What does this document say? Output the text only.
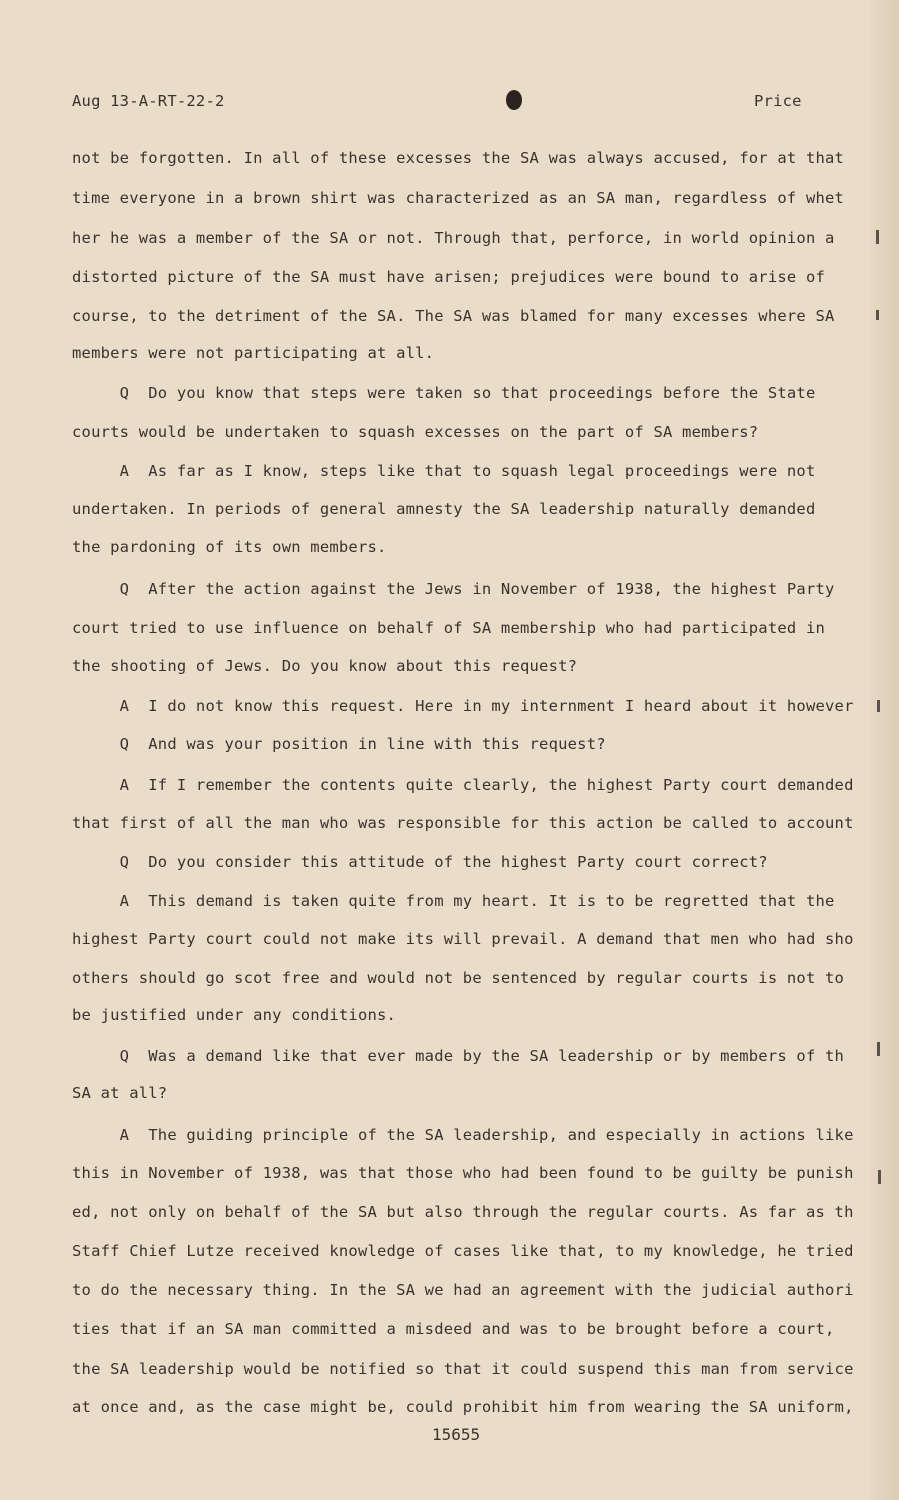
Aug 13-A-RT-22-2	Price
not be forgotten. In all of these excesses the SA was always accused, for at that
time everyone in a brown shirt was characterized as an SA man, regardless of whet
her he was a member of the SA or not. Through that, perforce, in world opinion a
distorted picture of the SA must have arisen; prejudices were bound to arise of
course, to the detriment of the SA. The SA was blamed for many excesses where SA
members were not participating at all.
Q  Do you know that steps were taken so that proceedings before the State
courts would be undertaken to squash excesses on the part of SA members?
A  As far as I know, steps like that to squash legal proceedings were not
undertaken. In periods of general amnesty the SA leadership naturally demanded
the pardoning of its own members.
Q  After the action against the Jews in November of 1938, the highest Party
court tried to use influence on behalf of SA membership who had participated in
the shooting of Jews. Do you know about this request?
A  I do not know this request. Here in my internment I heard about it however
Q  And was your position in line with this request?
A  If I remember the contents quite clearly, the highest Party court demanded
that first of all the man who was responsible for this action be called to account
Q  Do you consider this attitude of the highest Party court correct?
A  This demand is taken quite from my heart. It is to be regretted that the
highest Party court could not make its will prevail. A demand that men who had sho
others should go scot free and would not be sentenced by regular courts is not to
be justified under any conditions.
Q  Was a demand like that ever made by the SA leadership or by members of th
SA at all?
A  The guiding principle of the SA leadership, and especially in actions like
this in November of 1938, was that those who had been found to be guilty be punish
ed, not only on behalf of the SA but also through the regular courts. As far as th
Staff Chief Lutze received knowledge of cases like that, to my knowledge, he tried
to do the necessary thing. In the SA we had an agreement with the judicial authori
ties that if an SA man committed a misdeed and was to be brought before a court,
the SA leadership would be notified so that it could suspend this man from service
at once and, as the case might be, could prohibit him from wearing the SA uniform,
15655
